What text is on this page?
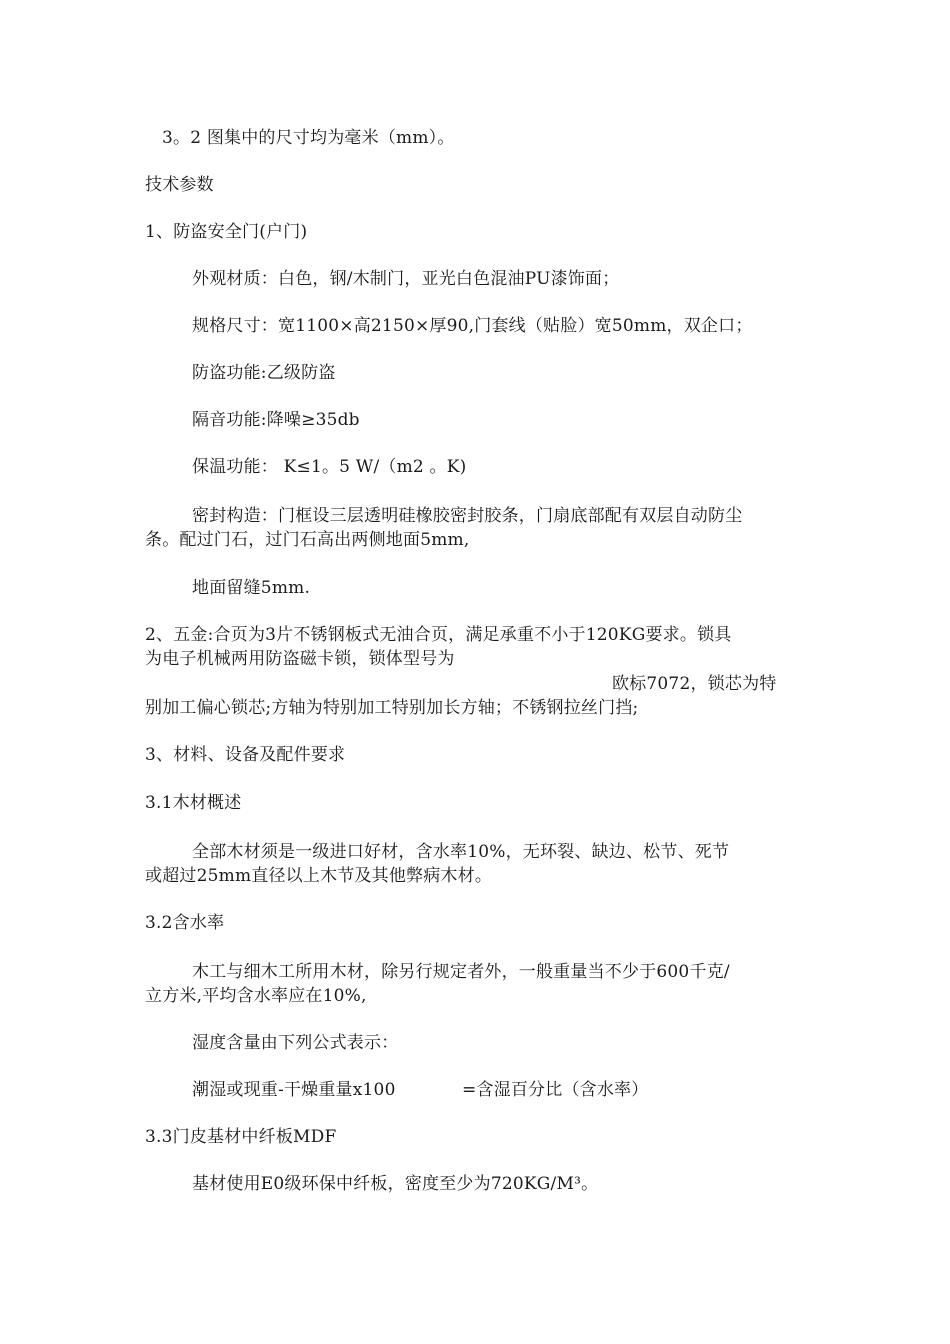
3。2 图集中的尺寸均为毫米（mm）。
技术参数
1、防盗安全门(户门)
外观材质：白色，钢/木制门，亚光白色混油PU漆饰面；
规格尺寸：宽1100×高2150×厚90,门套线（贴脸）宽50mm，双企口；
防盗功能:乙级防盗
隔音功能:降噪≥35db
保温功能： K≤1。5 W/（m2 。K)
密封构造：门框设三层透明硅橡胶密封胶条，门扇底部配有双层自动防尘
条。配过门石，过门石高出两侧地面5mm,
地面留缝5mm.
2、五金:合页为3片不锈钢板式无油合页，满足承重不小于120KG要求。锁具
为电子机械两用防盗磁卡锁，锁体型号为
欧标7072，锁芯为特
别加工偏心锁芯;方轴为特别加工特别加长方轴；不锈钢拉丝门挡;
3、材料、设备及配件要求
3.1木材概述
全部木材须是一级进口好材，含水率10%，无环裂、缺边、松节、死节
或超过25mm直径以上木节及其他弊病木材。
3.2含水率
木工与细木工所用木材，除另行规定者外，一般重量当不少于600千克/
立方米,平均含水率应在10%,
湿度含量由下列公式表示：
潮湿或现重-干燥重量x100	=含湿百分比（含水率）
3.3门皮基材中纤板MDF
基材使用E0级环保中纤板，密度至少为720KG/M³。
